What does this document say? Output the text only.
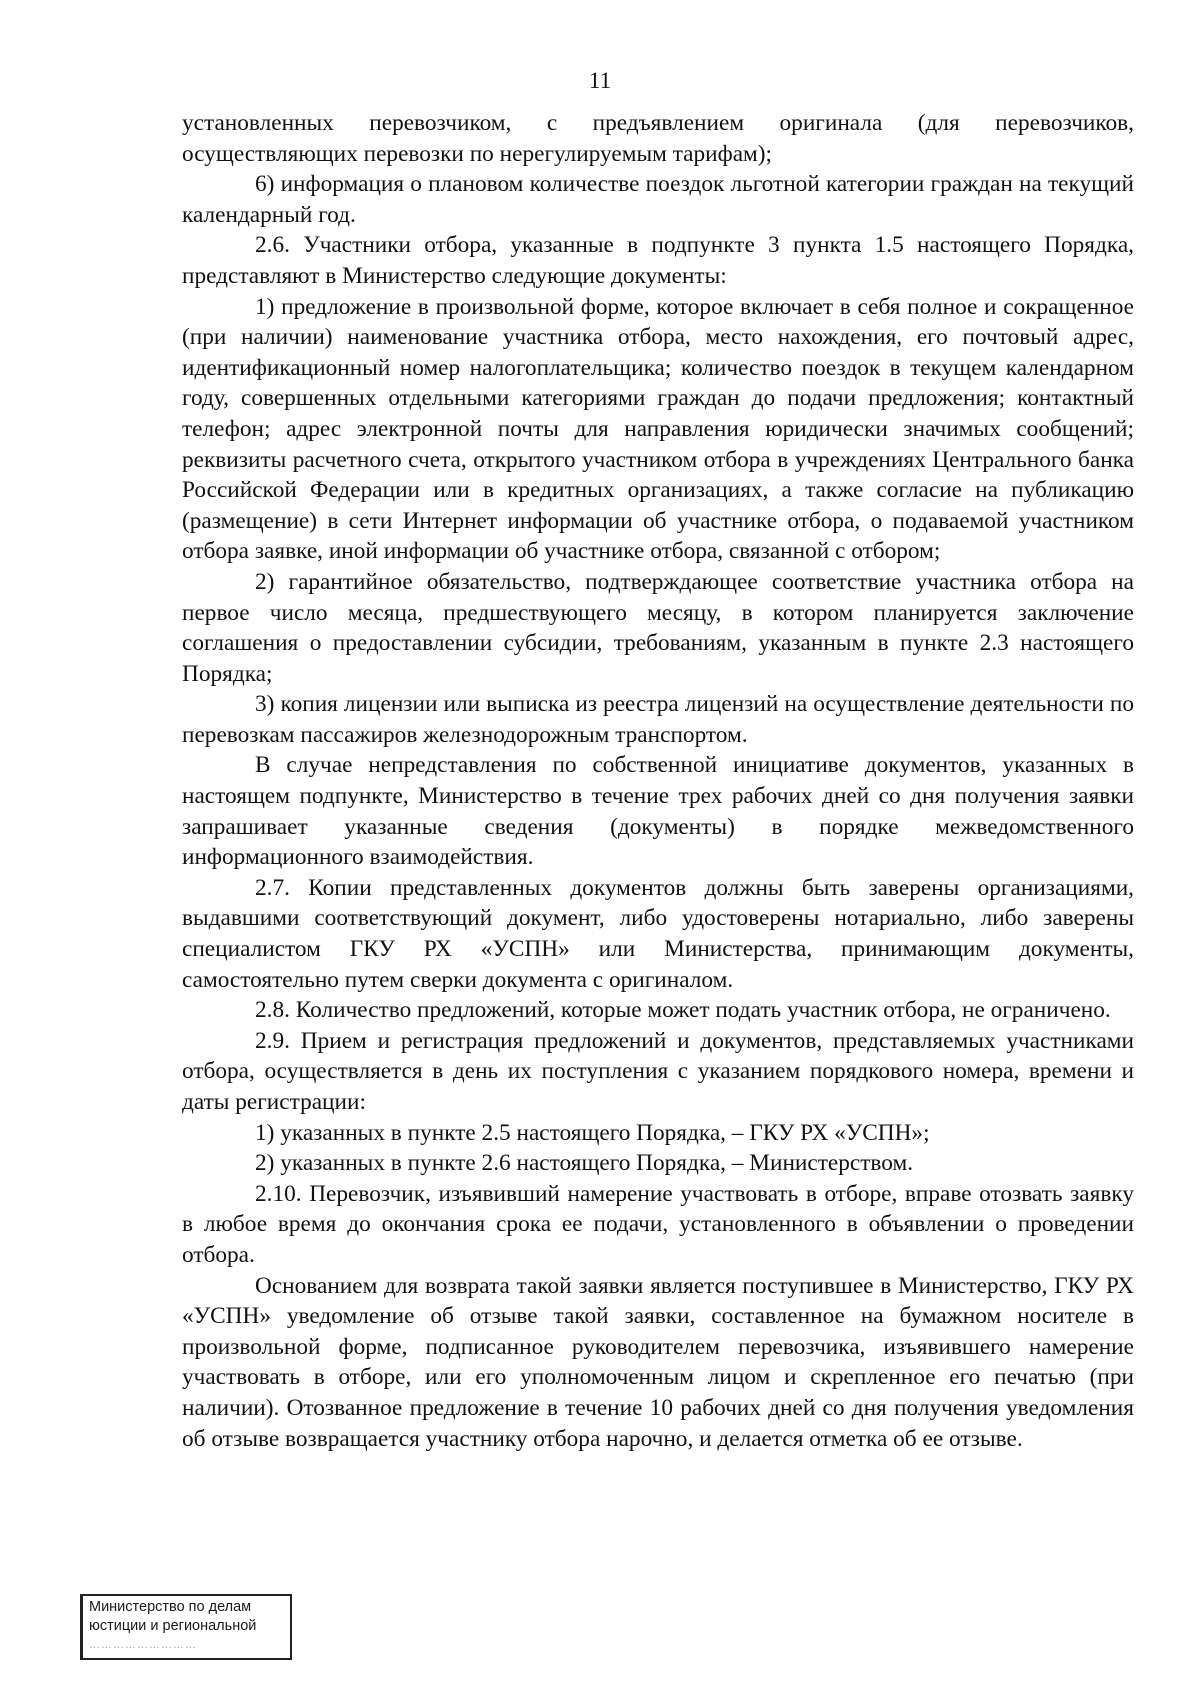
11

установленных перевозчиком, с предъявлением оригинала (для перевозчиков, осуществляющих перевозки по нерегулируемым тарифам);

6) информация о плановом количестве поездок льготной категории граждан на текущий календарный год.

2.6. Участники отбора, указанные в подпункте 3 пункта 1.5 настоящего Порядка, представляют в Министерство следующие документы:

1) предложение в произвольной форме, которое включает в себя полное и сокращенное (при наличии) наименование участника отбора, место нахождения, его почтовый адрес, идентификационный номер налогоплательщика; количество поездок в текущем календарном году, совершенных отдельными категориями граждан до подачи предложения; контактный телефон; адрес электронной почты для направления юридически значимых сообщений; реквизиты расчетного счета, открытого участником отбора в учреждениях Центрального банка Российской Федерации или в кредитных организациях, а также согласие на публикацию (размещение) в сети Интернет информации об участнике отбора, о подаваемой участником отбора заявке, иной информации об участнике отбора, связанной с отбором;

2) гарантийное обязательство, подтверждающее соответствие участника отбора на первое число месяца, предшествующего месяцу, в котором планируется заключение соглашения о предоставлении субсидии, требованиям, указанным в пункте 2.3 настоящего Порядка;

3) копия лицензии или выписка из реестра лицензий на осуществление деятельности по перевозкам пассажиров железнодорожным транспортом.

В случае непредставления по собственной инициативе документов, указанных в настоящем подпункте, Министерство в течение трех рабочих дней со дня получения заявки запрашивает указанные сведения (документы) в порядке межведомственного информационного взаимодействия.

2.7. Копии представленных документов должны быть заверены организациями, выдавшими соответствующий документ, либо удостоверены нотариально, либо заверены специалистом ГКУ РХ «УСПН» или Министерства, принимающим документы, самостоятельно путем сверки документа с оригиналом.

2.8. Количество предложений, которые может подать участник отбора, не ограничено.

2.9. Прием и регистрация предложений и документов, представляемых участниками отбора, осуществляется в день их поступления с указанием порядкового номера, времени и даты регистрации:

1) указанных в пункте 2.5 настоящего Порядка, – ГКУ РХ «УСПН»;

2) указанных в пункте 2.6 настоящего Порядка, – Министерством.

2.10. Перевозчик, изъявивший намерение участвовать в отборе, вправе отозвать заявку в любое время до окончания срока ее подачи, установленного в объявлении о проведении отбора.

Основанием для возврата такой заявки является поступившее в Министерство, ГКУ РХ «УСПН» уведомление об отзыве такой заявки, составленное на бумажном носителе в произвольной форме, подписанное руководителем перевозчика, изъявившего намерение участвовать в отборе, или его уполномоченным лицом и скрепленное его печатью (при наличии). Отозванное предложение в течение 10 рабочих дней со дня получения уведомления об отзыве возвращается участнику отбора нарочно, и делается отметка об ее отзыве.

Министерство по делам
юстиции и региональной
………………………
